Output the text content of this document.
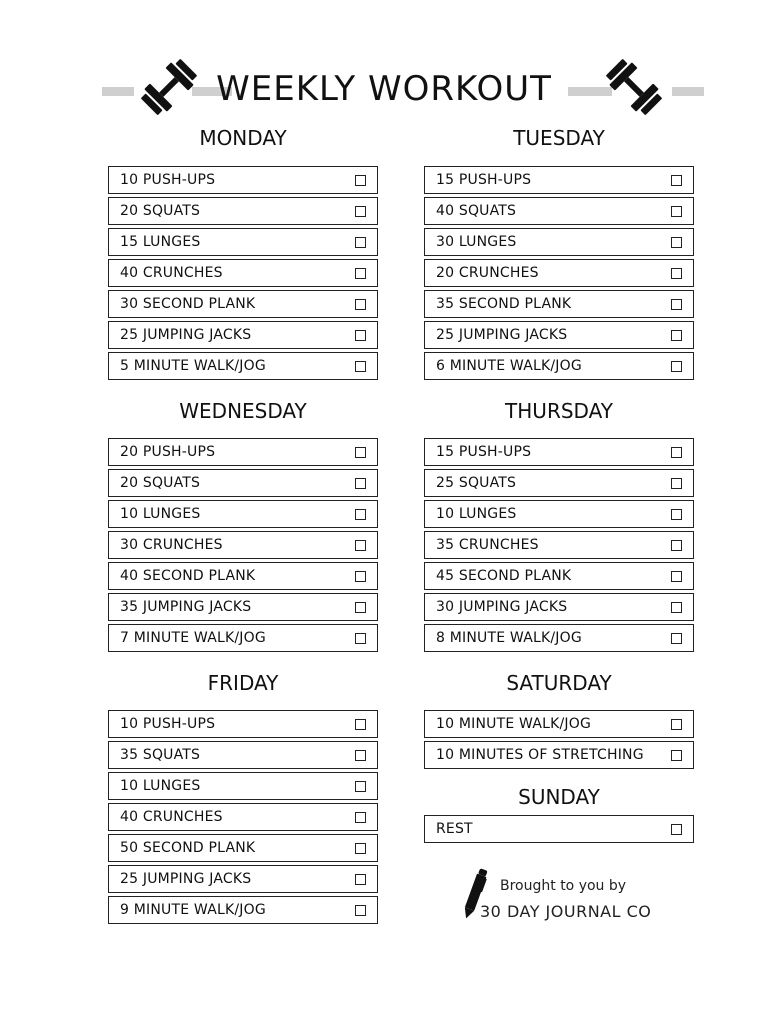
WEEKLY WORKOUT
MONDAY
10 PUSH-UPS
20 SQUATS
15 LUNGES
40 CRUNCHES
30 SECOND PLANK
25 JUMPING JACKS
5 MINUTE WALK/JOG
TUESDAY
15 PUSH-UPS
40 SQUATS
30 LUNGES
20 CRUNCHES
35 SECOND PLANK
25 JUMPING JACKS
6 MINUTE WALK/JOG
WEDNESDAY
20 PUSH-UPS
20 SQUATS
10 LUNGES
30 CRUNCHES
40 SECOND PLANK
35 JUMPING JACKS
7 MINUTE WALK/JOG
THURSDAY
15 PUSH-UPS
25 SQUATS
10 LUNGES
35 CRUNCHES
45 SECOND PLANK
30 JUMPING JACKS
8 MINUTE WALK/JOG
FRIDAY
10 PUSH-UPS
35 SQUATS
10 LUNGES
40 CRUNCHES
50 SECOND PLANK
25 JUMPING JACKS
9 MINUTE WALK/JOG
SATURDAY
10 MINUTE WALK/JOG
10 MINUTES OF STRETCHING
SUNDAY
REST
Brought to you by
30 DAY JOURNAL CO
